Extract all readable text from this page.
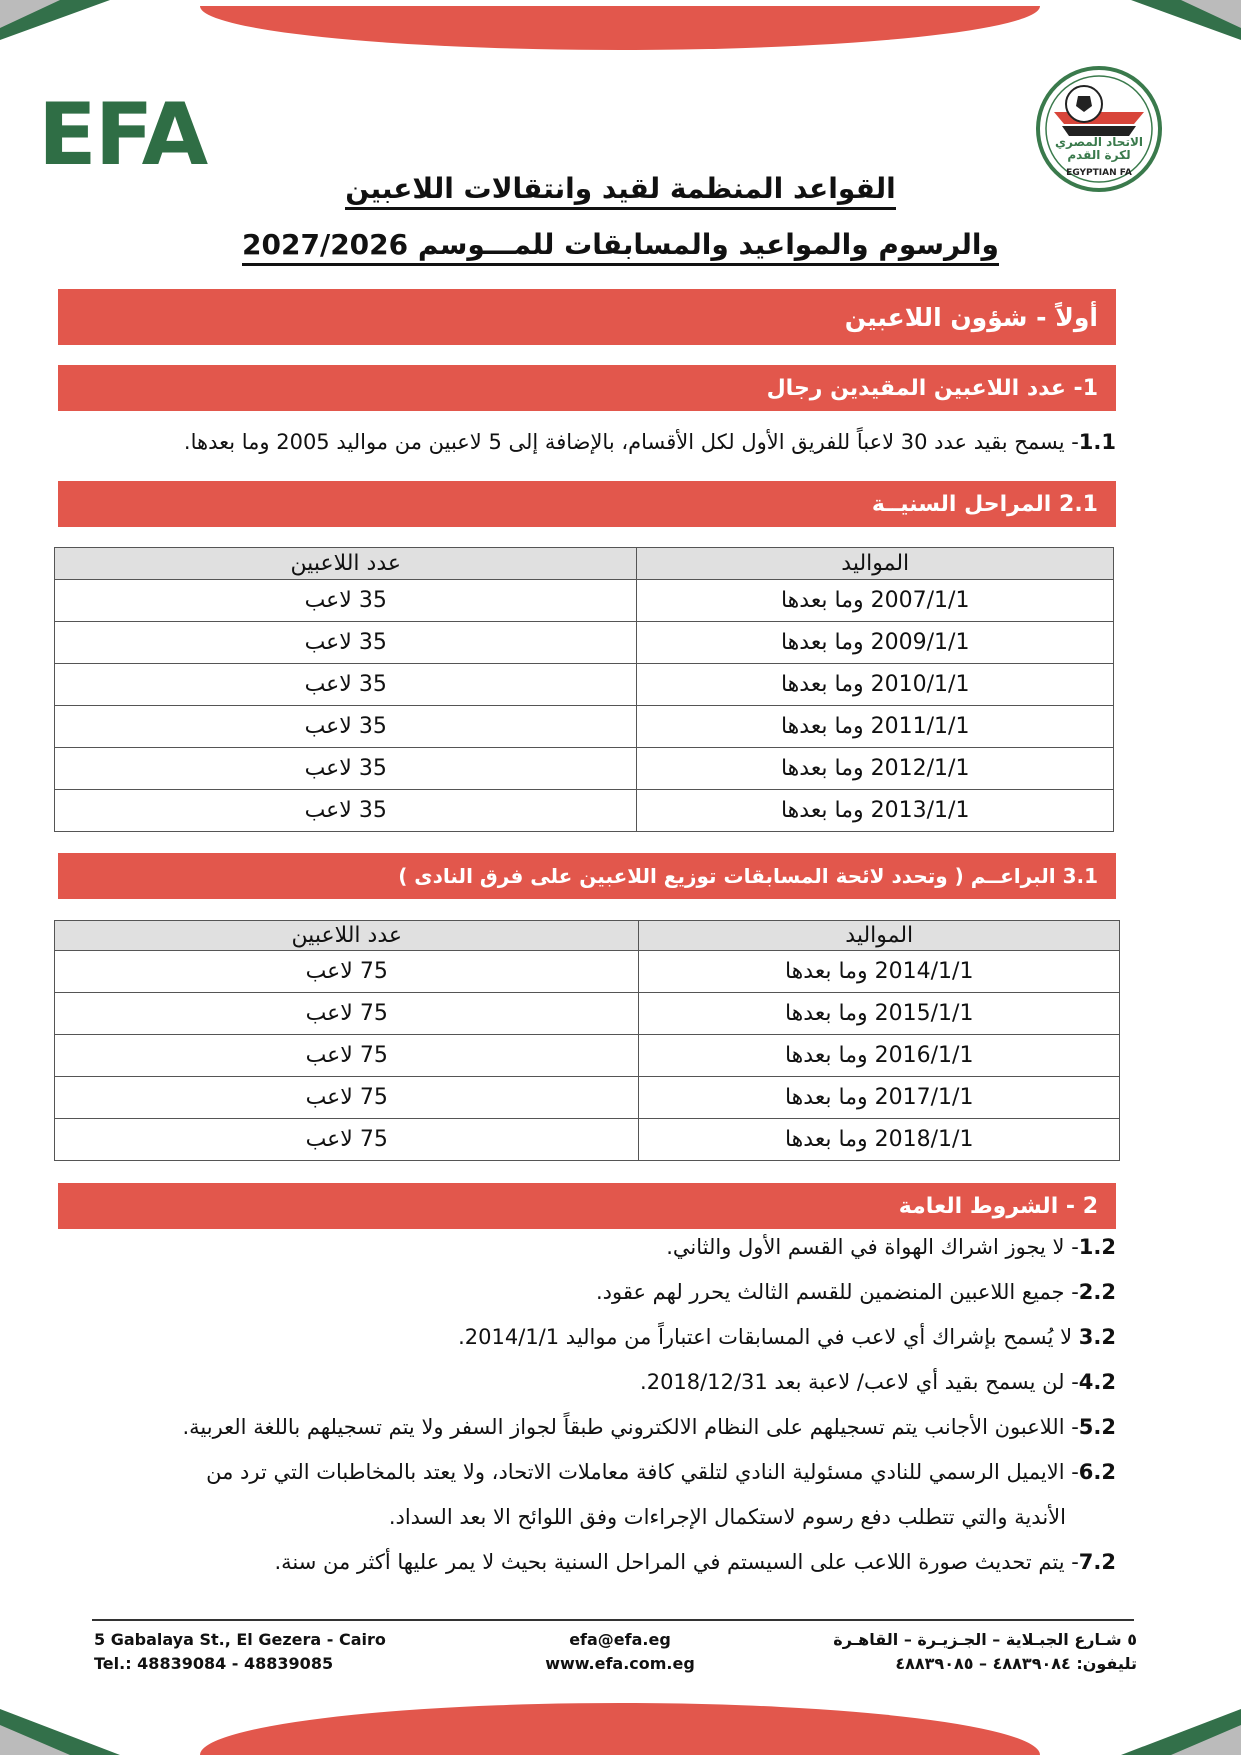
EFA	الاتحاد المصري لكرة القدم
EGYPTIAN FA
القواعد المنظمة لقيد وانتقالات اللاعبين
والرسوم والمواعيد والمسابقات للمـــوسم 2027/2026
أولاً - شؤون اللاعبين
1- عدد اللاعبين المقيدين رجال
1.1- يسمح بقيد عدد 30 لاعباً للفريق الأول لكل الأقسام، بالإضافة إلى 5 لاعبين من مواليد 2005 وما بعدها.
2.1 المراحل السنيــة
المواليد	عدد اللاعبين
2007/1/1 وما بعدها	35 لاعب
2009/1/1 وما بعدها	35 لاعب
2010/1/1 وما بعدها	35 لاعب
2011/1/1 وما بعدها	35 لاعب
2012/1/1 وما بعدها	35 لاعب
2013/1/1 وما بعدها	35 لاعب
3.1 البراعــم ( وتحدد لائحة المسابقات توزيع اللاعبين على فرق النادى )
المواليد	عدد اللاعبين
2014/1/1 وما بعدها	75 لاعب
2015/1/1 وما بعدها	75 لاعب
2016/1/1 وما بعدها	75 لاعب
2017/1/1 وما بعدها	75 لاعب
2018/1/1 وما بعدها	75 لاعب
2 - الشروط العامة
1.2- لا يجوز اشراك الهواة في القسم الأول والثاني.
2.2- جميع اللاعبين المنضمين للقسم الثالث يحرر لهم عقود.
3.2 لا يُسمح بإشراك أي لاعب في المسابقات اعتباراً من مواليد 2014/1/1.
4.2- لن يسمح بقيد أي لاعب/ لاعبة بعد 2018/12/31.
5.2- اللاعبون الأجانب يتم تسجيلهم على النظام الالكتروني طبقاً لجواز السفر ولا يتم تسجيلهم باللغة العربية.
6.2- الايميل الرسمي للنادي مسئولية النادي لتلقي كافة معاملات الاتحاد، ولا يعتد بالمخاطبات التي ترد من
الأندية والتي تتطلب دفع رسوم لاستكمال الإجراءات وفق اللوائح الا بعد السداد.
7.2- يتم تحديث صورة اللاعب على السيستم في المراحل السنية بحيث لا يمر عليها أكثر من سنة.
5 Gabalaya St., El Gezera - Cairo
Tel.: 48839084 - 48839085
efa@efa.eg
www.efa.com.eg
٥ شـارع الجبـلاية – الجـزيـرة – القاهـرة
تليفون: ٤٨٨٣٩٠٨٤ – ٤٨٨٣٩٠٨٥
